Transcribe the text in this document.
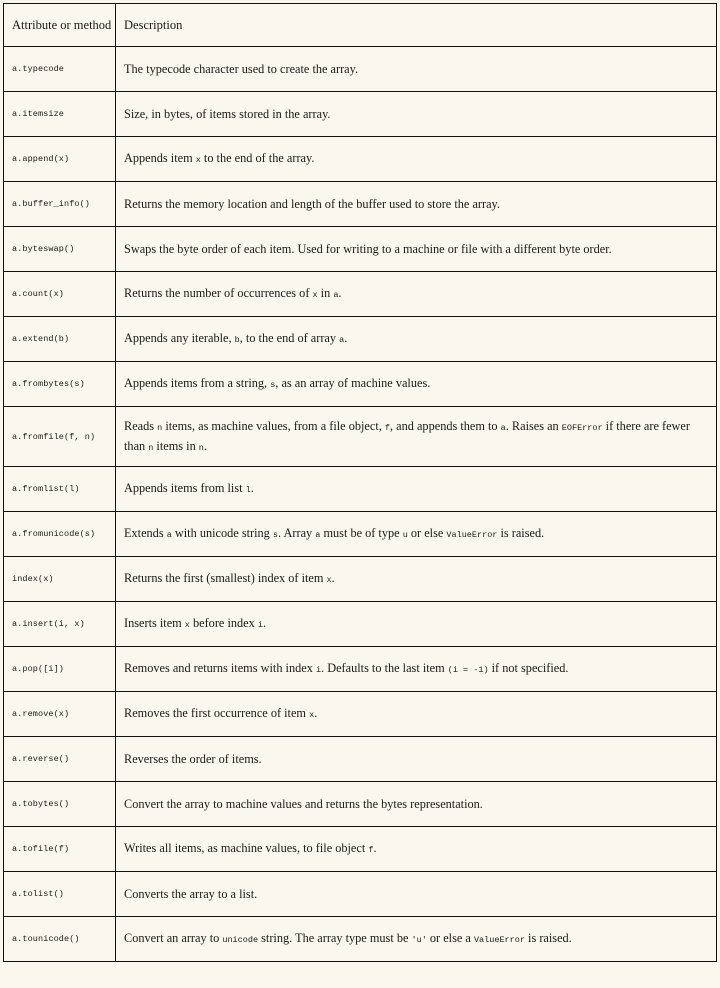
Attribute or method	Description
a.typecode	The typecode character used to create the array.
a.itemsize	Size, in bytes, of items stored in the array.
a.append(x)	Appends item x to the end of the array.
a.buffer_info()	Returns the memory location and length of the buffer used to store the array.
a.byteswap()	Swaps the byte order of each item. Used for writing to a machine or file with a different byte order.
a.count(x)	Returns the number of occurrences of x in a.
a.extend(b)	Appends any iterable, b, to the end of array a.
a.frombytes(s)	Appends items from a string, s, as an array of machine values.
a.fromfile(f, n)	Reads n items, as machine values, from a file object, f, and appends them to a. Raises an EOFError if there are fewer than n items in n.
a.fromlist(l)	Appends items from list l.
a.fromunicode(s)	Extends a with unicode string s. Array a must be of type u or else ValueError is raised.
index(x)	Returns the first (smallest) index of item x.
a.insert(i, x)	Inserts item x before index i.
a.pop([i])	Removes and returns items with index i. Defaults to the last item (i = -1) if not specified.
a.remove(x)	Removes the first occurrence of item x.
a.reverse()	Reverses the order of items.
a.tobytes()	Convert the array to machine values and returns the bytes representation.
a.tofile(f)	Writes all items, as machine values, to file object f.
a.tolist()	Converts the array to a list.
a.tounicode()	Convert an array to unicode string. The array type must be 'u' or else a ValueError is raised.
